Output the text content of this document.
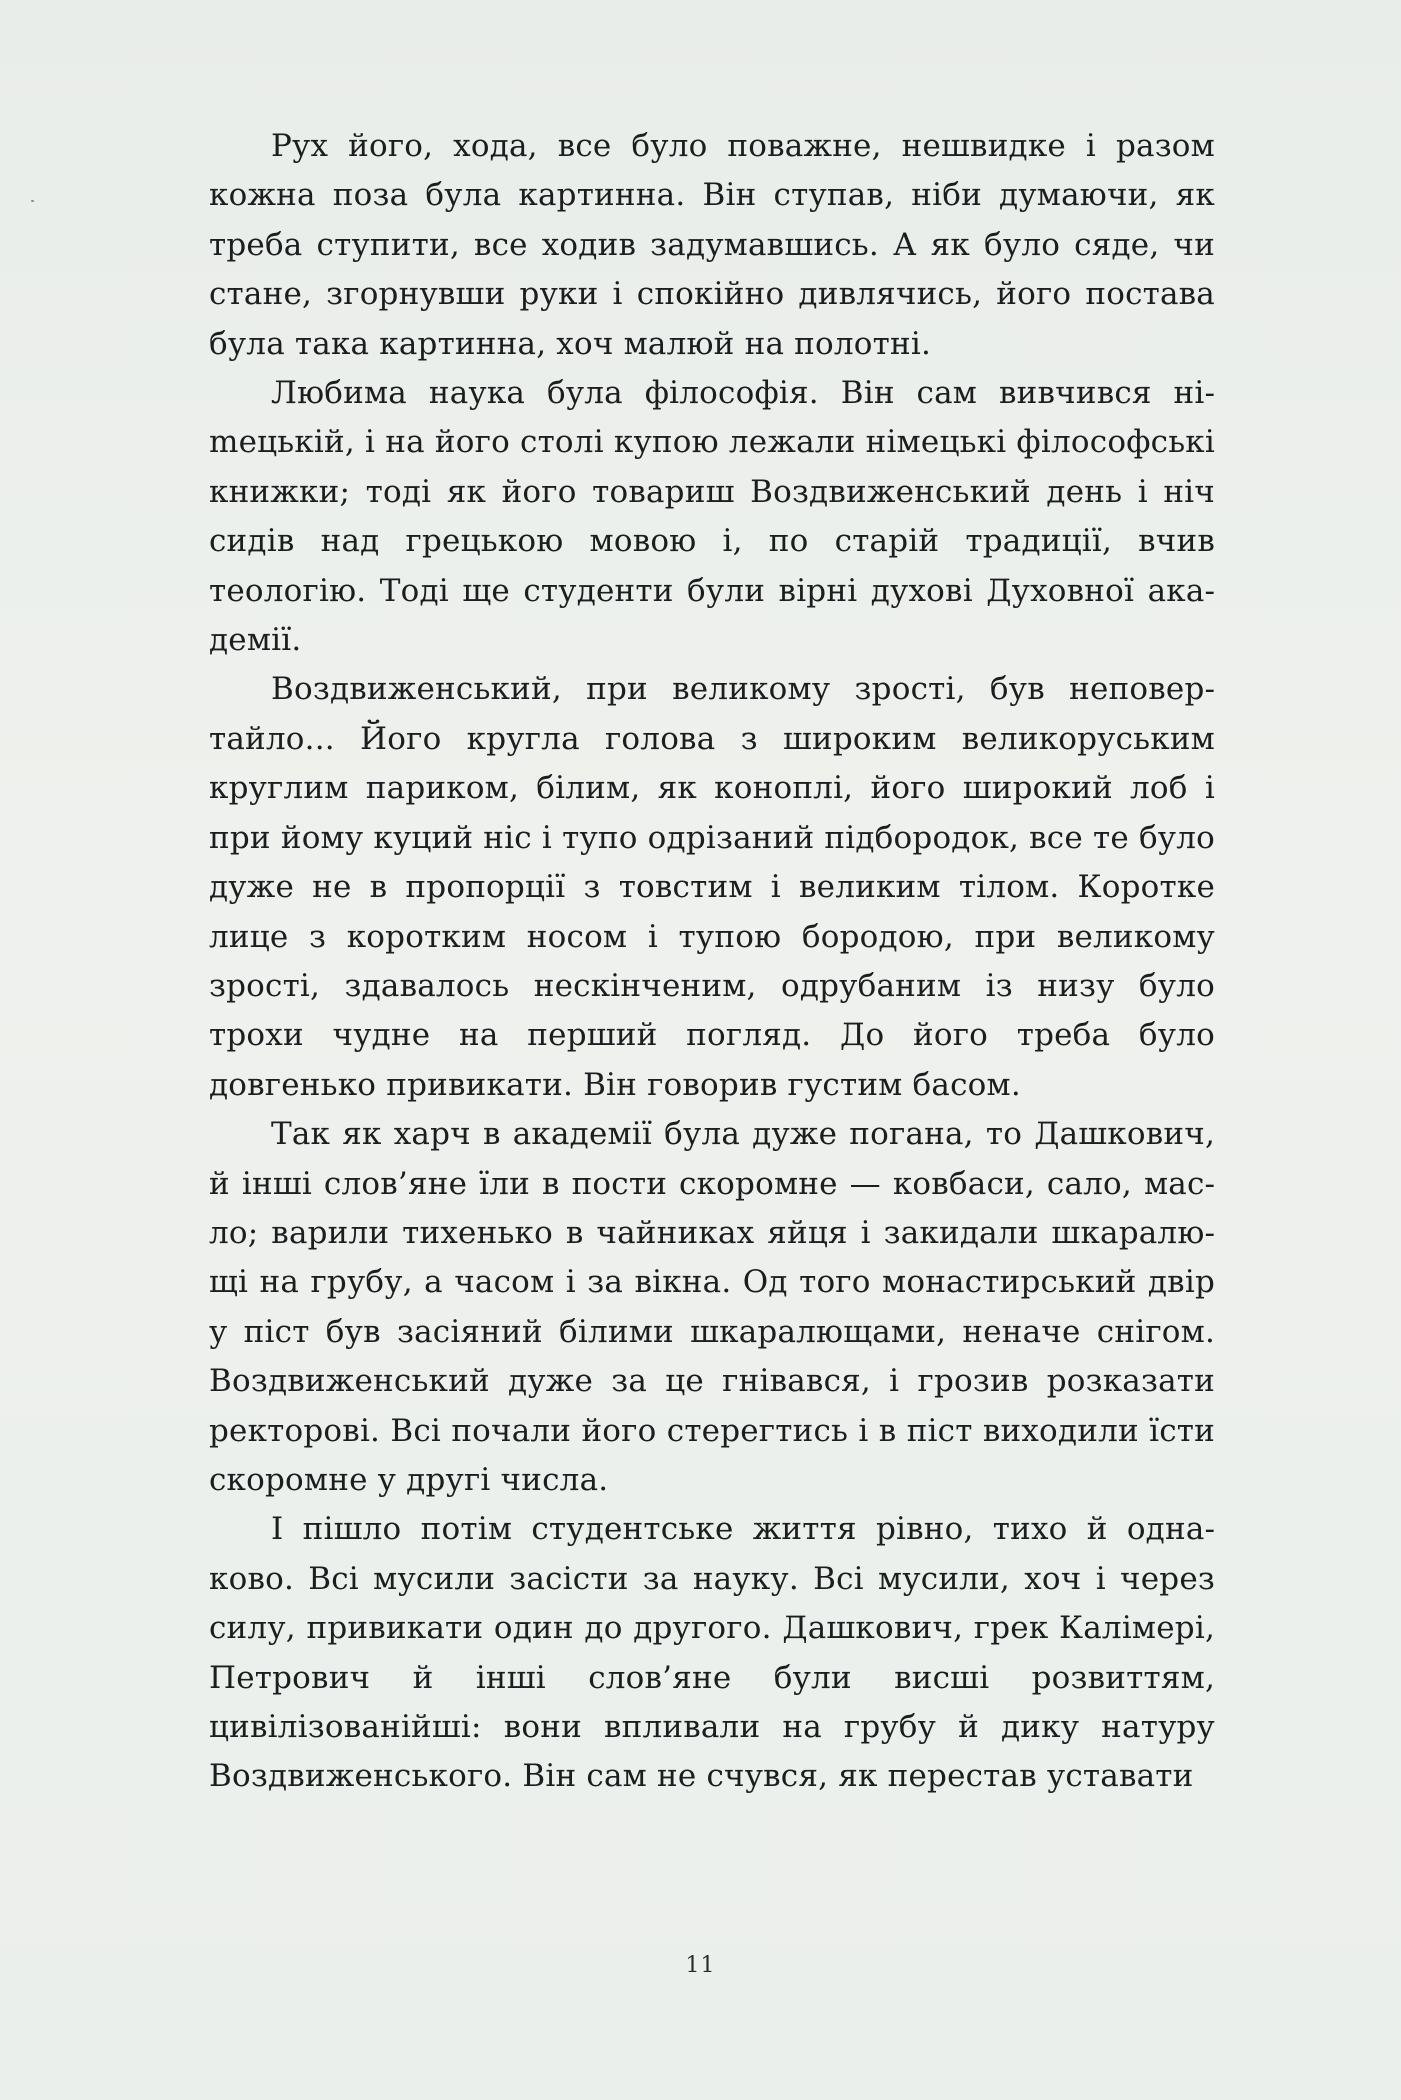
Рух його, хода, все було поважне, нешвидке і разом кожна поза була картинна. Він ступав, ніби думаючи, як треба ступити, все ходив задумавшись. А як було сяде, чи стане, згорнувши руки і спокійно дивлячись, його постава була така картинна, хоч малюй на полотні.

Любима наука була філософія. Він сам вивчився ніmецькій, і на його столі купою лежали німецькі філософські книжки; тоді як його товариш Воздвиженський день і ніч сидів над грецькою мовою і, по старій традиції, вчив теологію. Тоді ще студенти були вірні духові Духовної академії.

Воздвиженський, при великому зрості, був неповертайло... Його кругла голова з широким великоруським круглим париком, білим, як коноплі, його широкий лоб і при йому куций ніс і тупо одрізаний підбородок, все те було дуже не в пропорції з товстим і великим тілом. Коротке лице з коротким носом і тупою бородою, при великому зрості, здавалось нескінченим, одрубаним із низу було трохи чудне на перший погляд. До його треба було довгенько привикати. Він говорив густим басом.

Так як харч в академії була дуже погана, то Дашкович, й інші слов’яне їли в пости скоромне — ковбаси, сало, масло; варили тихенько в чайниках яйця і закидали шкаралющі на грубу, а часом і за вікна. Од того монастирський двір у піст був засіяний білими шкаралющами, неначе снігом. Воздвиженський дуже за це гнівався, і грозив розказати ректорові. Всі почали його стерегтись і в піст виходили їсти скоромне у другі числа.

І пішло потім студентське життя рівно, тихо й однаково. Всі мусили засісти за науку. Всі мусили, хоч і через силу, привикати один до другого. Дашкович, грек Калімері, Петрович й інші слов’яне були висші розвиттям, цивілізованійші: вони впливали на грубу й дику натуру Воздвиженського. Він сам не счувся, як перестав уставати

11
